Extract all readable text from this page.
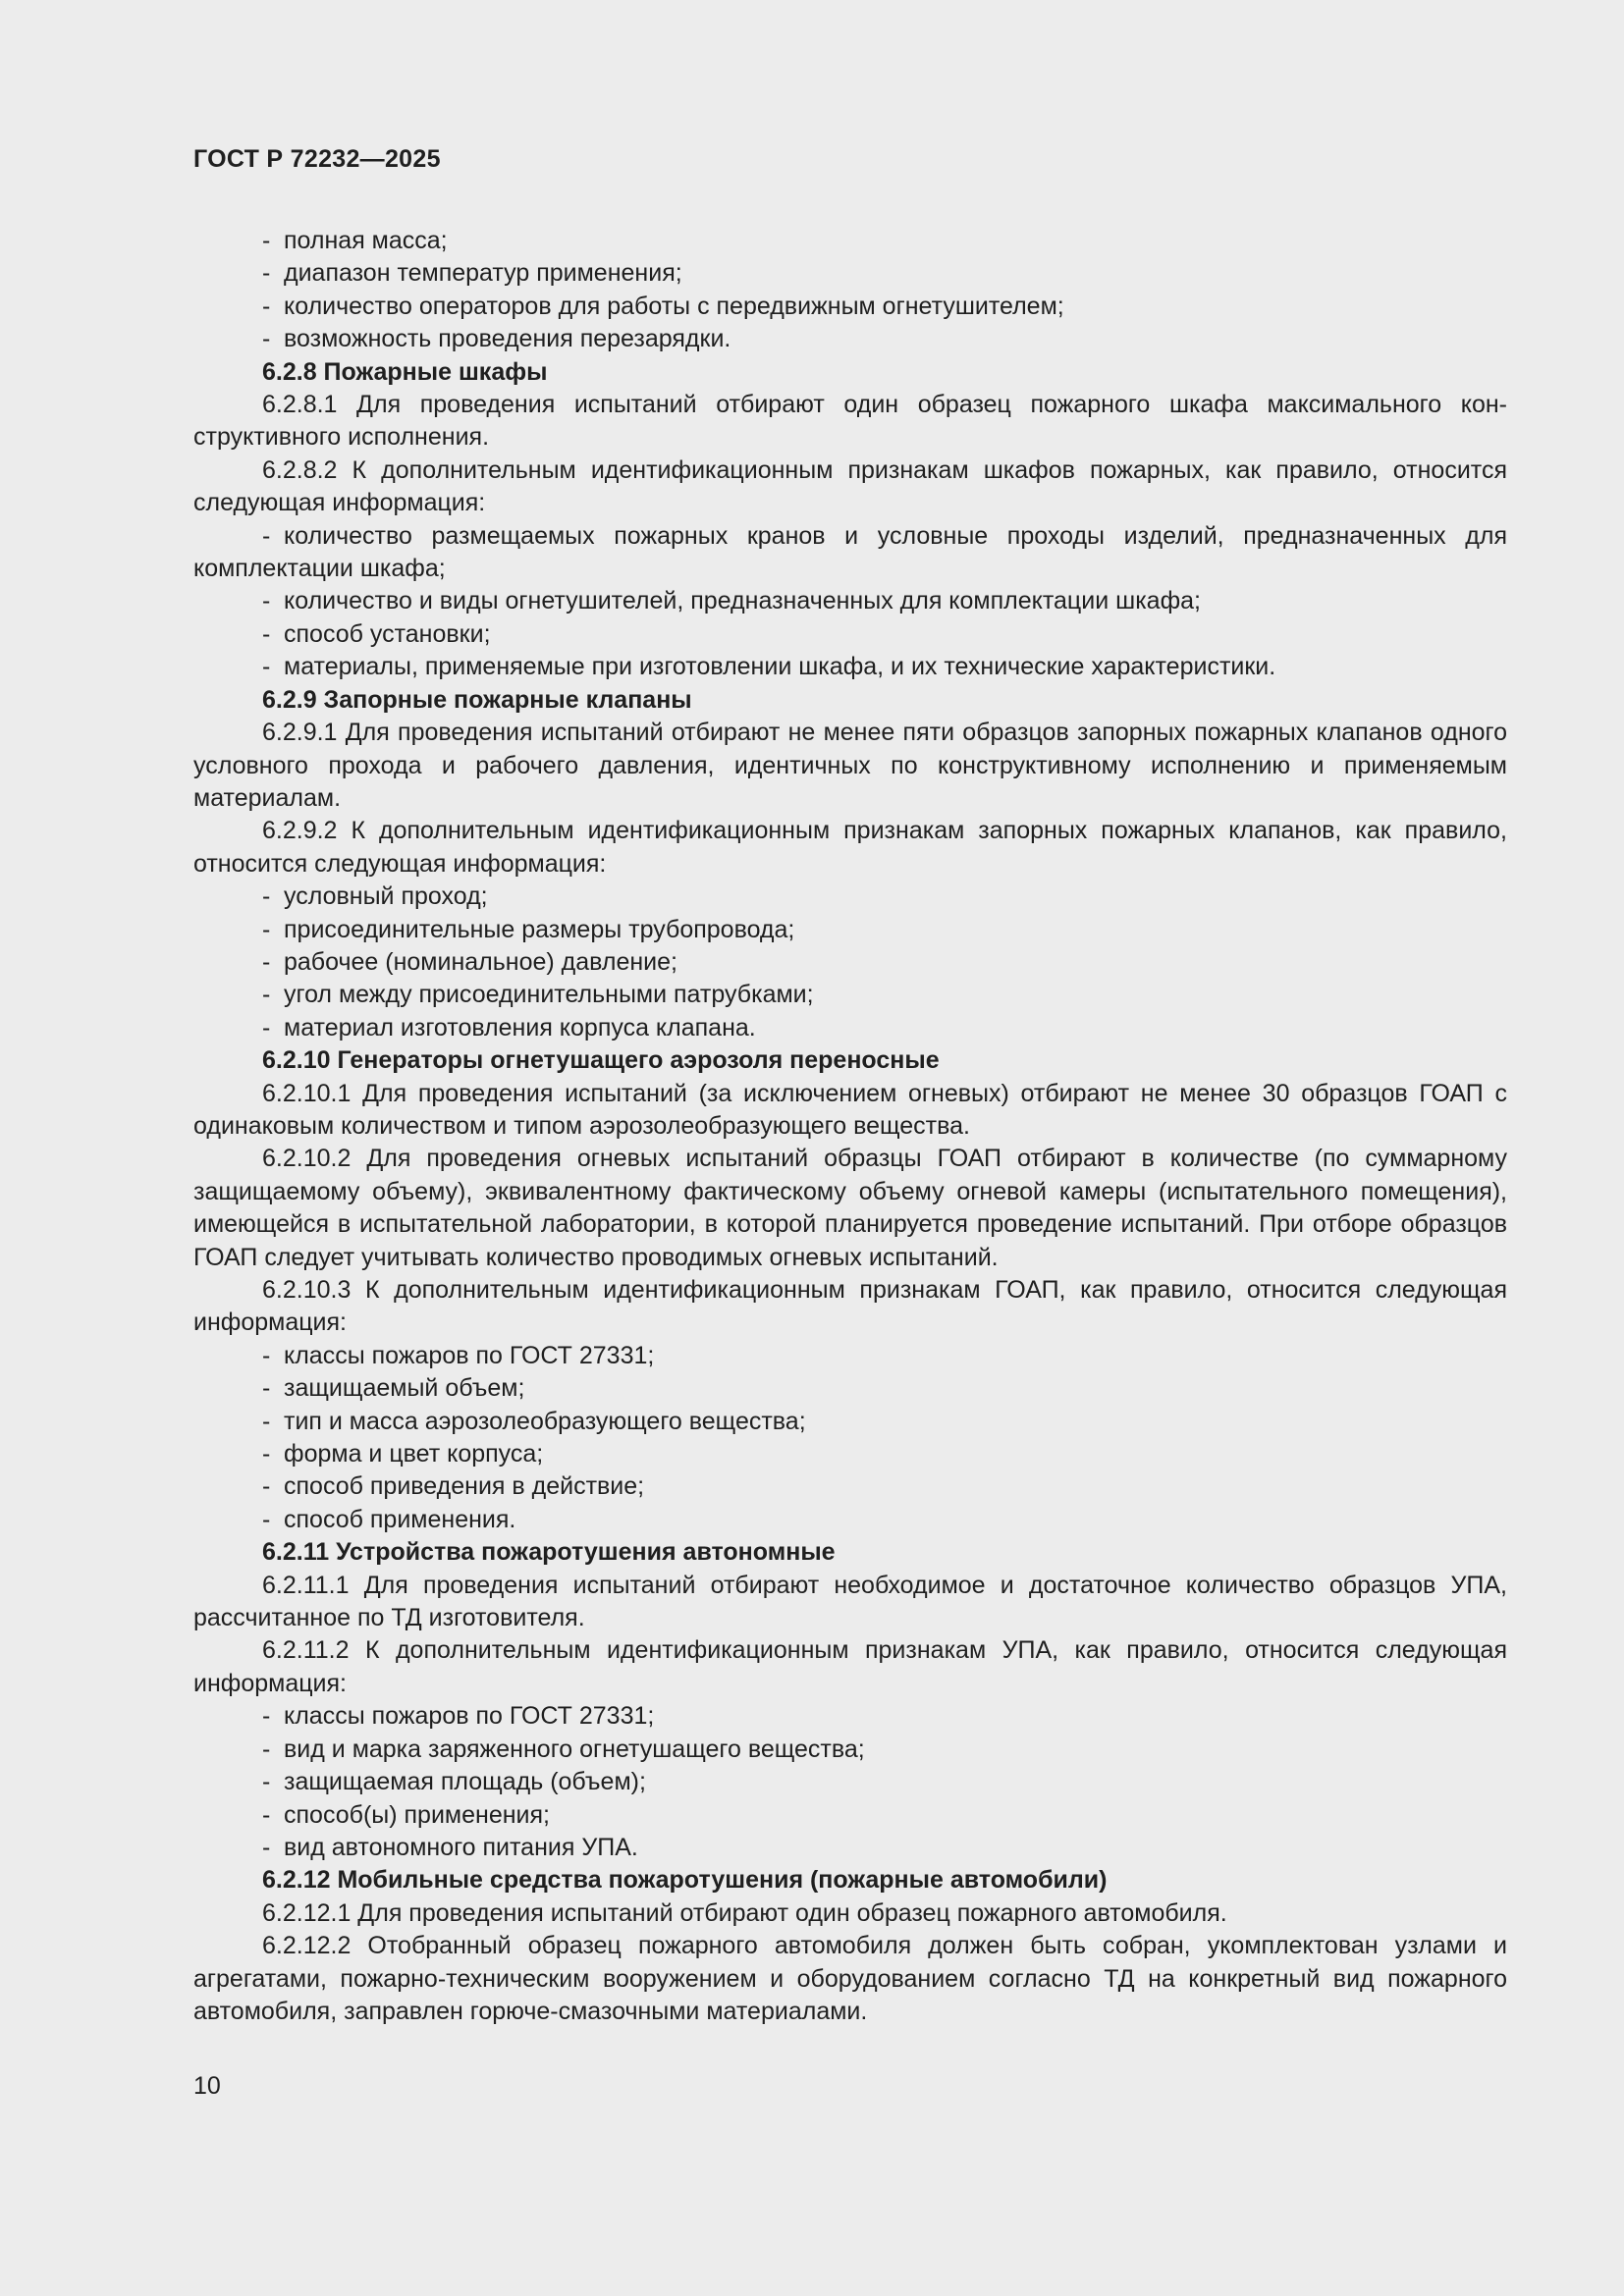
ГОСТ Р 72232—2025

- полная масса;

- диапазон температур применения;

- количество операторов для работы с передвижным огнетушителем;

- возможность проведения перезарядки.

6.2.8 Пожарные шкафы

6.2.8.1 Для проведения испытаний отбирают один образец пожарного шкафа максимального конструктивного исполнения.

6.2.8.2 К дополнительным идентификационным признакам шкафов пожарных, как правило, относится следующая информация:

- количество размещаемых пожарных кранов и условные проходы изделий, предназначенных для комплектации шкафа;

- количество и виды огнетушителей, предназначенных для комплектации шкафа;

- способ установки;

- материалы, применяемые при изготовлении шкафа, и их технические характеристики.

6.2.9 Запорные пожарные клапаны

6.2.9.1 Для проведения испытаний отбирают не менее пяти образцов запорных пожарных клапанов одного условного прохода и рабочего давления, идентичных по конструктивному исполнению и применяемым материалам.

6.2.9.2 К дополнительным идентификационным признакам запорных пожарных клапанов, как правило, относится следующая информация:

- условный проход;

- присоединительные размеры трубопровода;

- рабочее (номинальное) давление;

- угол между присоединительными патрубками;

- материал изготовления корпуса клапана.

6.2.10 Генераторы огнетушащего аэрозоля переносные

6.2.10.1 Для проведения испытаний (за исключением огневых) отбирают не менее 30 образцов ГОАП с одинаковым количеством и типом аэрозолеобразующего вещества.

6.2.10.2 Для проведения огневых испытаний образцы ГОАП отбирают в количестве (по суммарному защищаемому объему), эквивалентному фактическому объему огневой камеры (испытательного помещения), имеющейся в испытательной лаборатории, в которой планируется проведение испытаний. При отборе образцов ГОАП следует учитывать количество проводимых огневых испытаний.

6.2.10.3 К дополнительным идентификационным признакам ГОАП, как правило, относится следующая информация:

- классы пожаров по ГОСТ 27331;

- защищаемый объем;

- тип и масса аэрозолеобразующего вещества;

- форма и цвет корпуса;

- способ приведения в действие;

- способ применения.

6.2.11 Устройства пожаротушения автономные

6.2.11.1 Для проведения испытаний отбирают необходимое и достаточное количество образцов УПА, рассчитанное по ТД изготовителя.

6.2.11.2 К дополнительным идентификационным признакам УПА, как правило, относится следующая информация:

- классы пожаров по ГОСТ 27331;

- вид и марка заряженного огнетушащего вещества;

- защищаемая площадь (объем);

- способ(ы) применения;

- вид автономного питания УПА.

6.2.12 Мобильные средства пожаротушения (пожарные автомобили)

6.2.12.1 Для проведения испытаний отбирают один образец пожарного автомобиля.

6.2.12.2 Отобранный образец пожарного автомобиля должен быть собран, укомплектован узлами и агрегатами, пожарно-техническим вооружением и оборудованием согласно ТД на конкретный вид пожарного автомобиля, заправлен горюче-смазочными материалами.

10
